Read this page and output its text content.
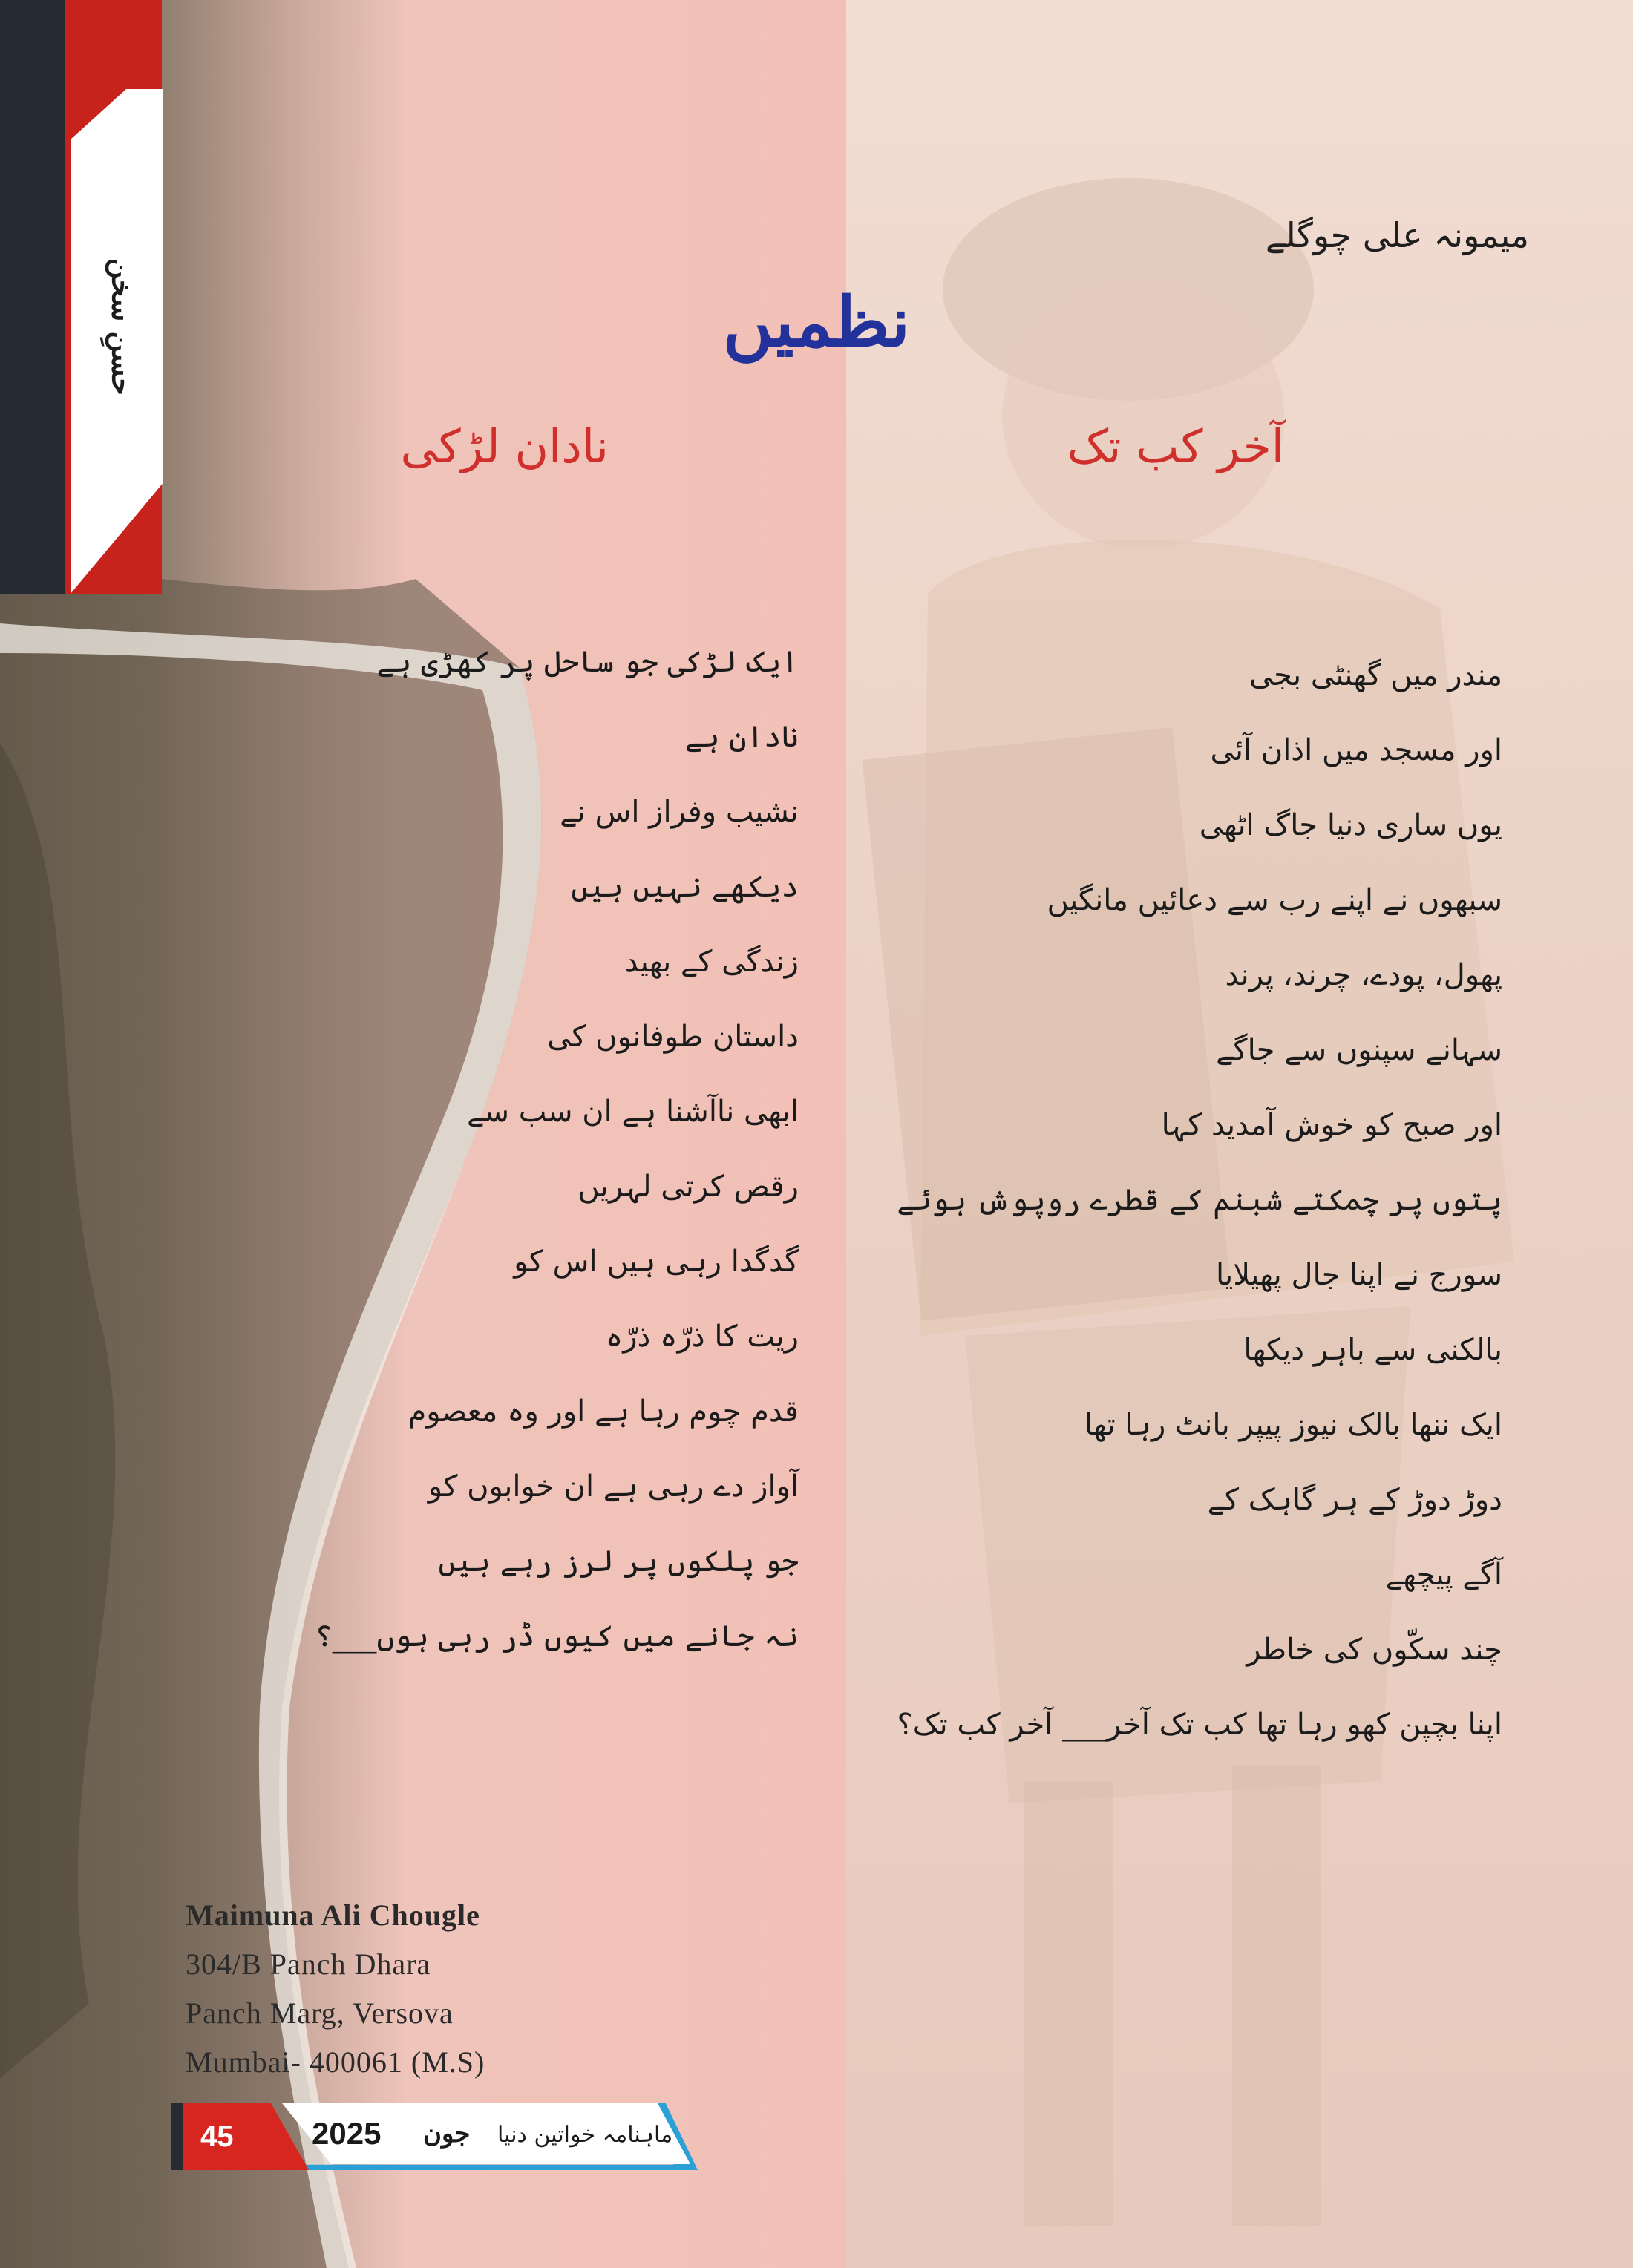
حسنِ سخن
میمونہ علی چوگلے
نظمیں
آخر کب تک
نادان لڑکی
مندر میں گھنٹی بجی
اور مسجد میں اذان آئی
یوں ساری دنیا جاگ اٹھی
سبھوں نے اپنے رب سے دعائیں مانگیں
پھول، پودے، چرند، پرند
سہانے سپنوں سے جاگے
اور صبح کو خوش آمدید کہا
پتوں پر چمکتے شبنم کے قطرے روپوش ہوئے
سورج نے اپنا جال پھیلایا
بالکنی سے باہر دیکھا
ایک ننھا بالک نیوز پیپر بانٹ رہا تھا
دوڑ دوڑ کے ہر گاہک کے
آگے پیچھے
چند سکّوں کی خاطر
اپنا بچپن کھو رہا تھا کب تک آخر___ آخر کب تک؟
ایک لڑکی جو ساحل پر کھڑی ہے
نادان ہے
نشیب وفراز اس نے
دیکھے نہیں ہیں
زندگی کے بھید
داستان طوفانوں کی
ابھی ناآشنا ہے ان سب سے
رقص کرتی لہریں
گدگدا رہی ہیں اس کو
ریت کا ذرّہ ذرّہ
قدم چوم رہا ہے اور وہ معصوم
آواز دے رہی ہے ان خوابوں کو
جو پلکوں پر لرز رہے ہیں
نہ جانے میں کیوں ڈر رہی ہوں___؟
Maimuna Ali Chougle
304/B Panch Dhara
Panch Marg, Versova
Mumbai- 400061 (M.S)
45	2025 جون ماہنامہ خواتین دنیا
